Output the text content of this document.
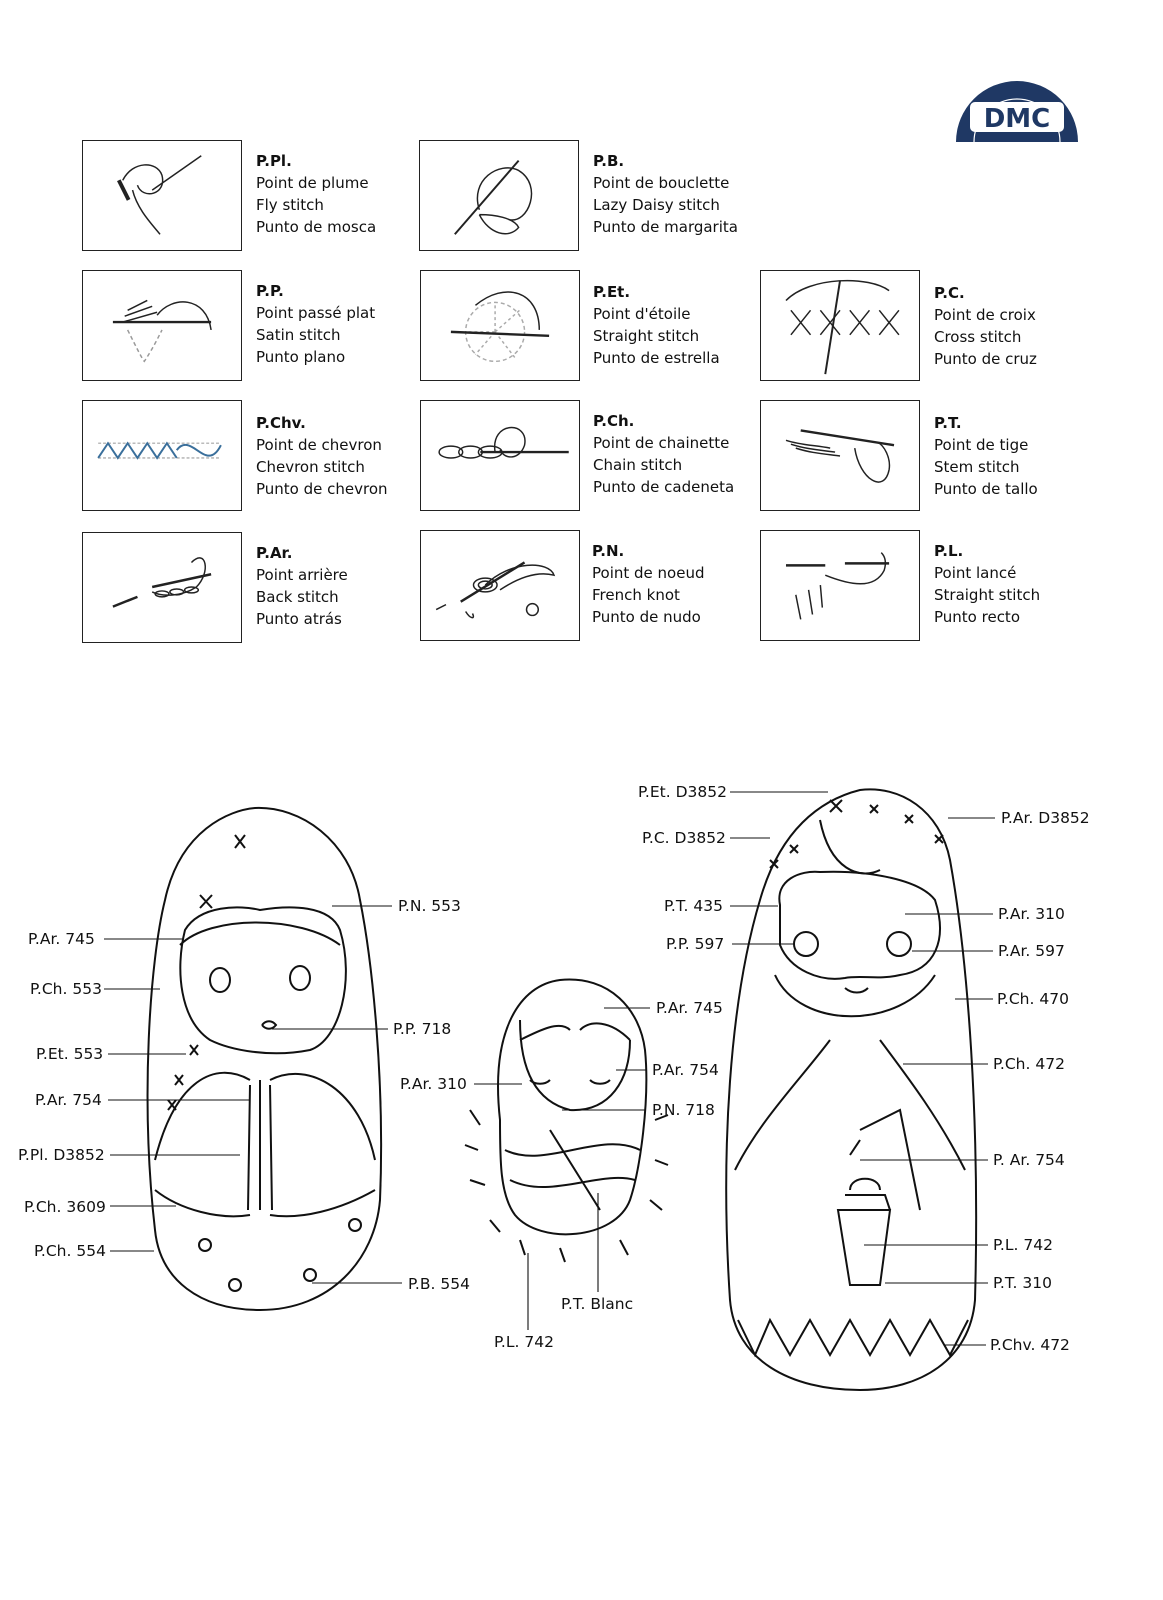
CREATIVE WORLD
DMC
P.Pl.
Point de plume
Fly stitch
Punto de mosca
P.B.
Point de bouclette
Lazy Daisy stitch
Punto de margarita
P.P.
Point passé plat
Satin stitch
Punto plano
P.Et.
Point d'étoile
Straight stitch
Punto de estrella
P.C.
Point de croix
Cross stitch
Punto de cruz
P.Chv.
Point de chevron
Chevron stitch
Punto de chevron
P.Ch.
Point de chainette
Chain stitch
Punto de cadeneta
P.T.
Point de tige
Stem stitch
Punto de tallo
P.Ar.
Point arrière
Back stitch
Punto atrás
P.N.
Point de noeud
French knot
Punto de nudo
P.L.
Point lancé
Straight stitch
Punto recto
P.N. 553
P.Ar. 745
P.Ch. 553
P.P. 718
P.Et. 553
P.Ar. 754
P.Pl. D3852
P.Ch. 3609
P.Ch. 554
P.B. 554
P.Ar. 745
P.Ar. 310
P.Ar. 754
P.N. 718
P.T. Blanc
P.L. 742
P.Et. D3852
P.C. D3852
P.Ar. D3852
P.T. 435	P.Ar. 310
P.P. 597	P.Ar. 597
P.Ch. 470
P.Ch. 472
P. Ar. 754
P.L. 742
P.T. 310
P.Chv. 472
